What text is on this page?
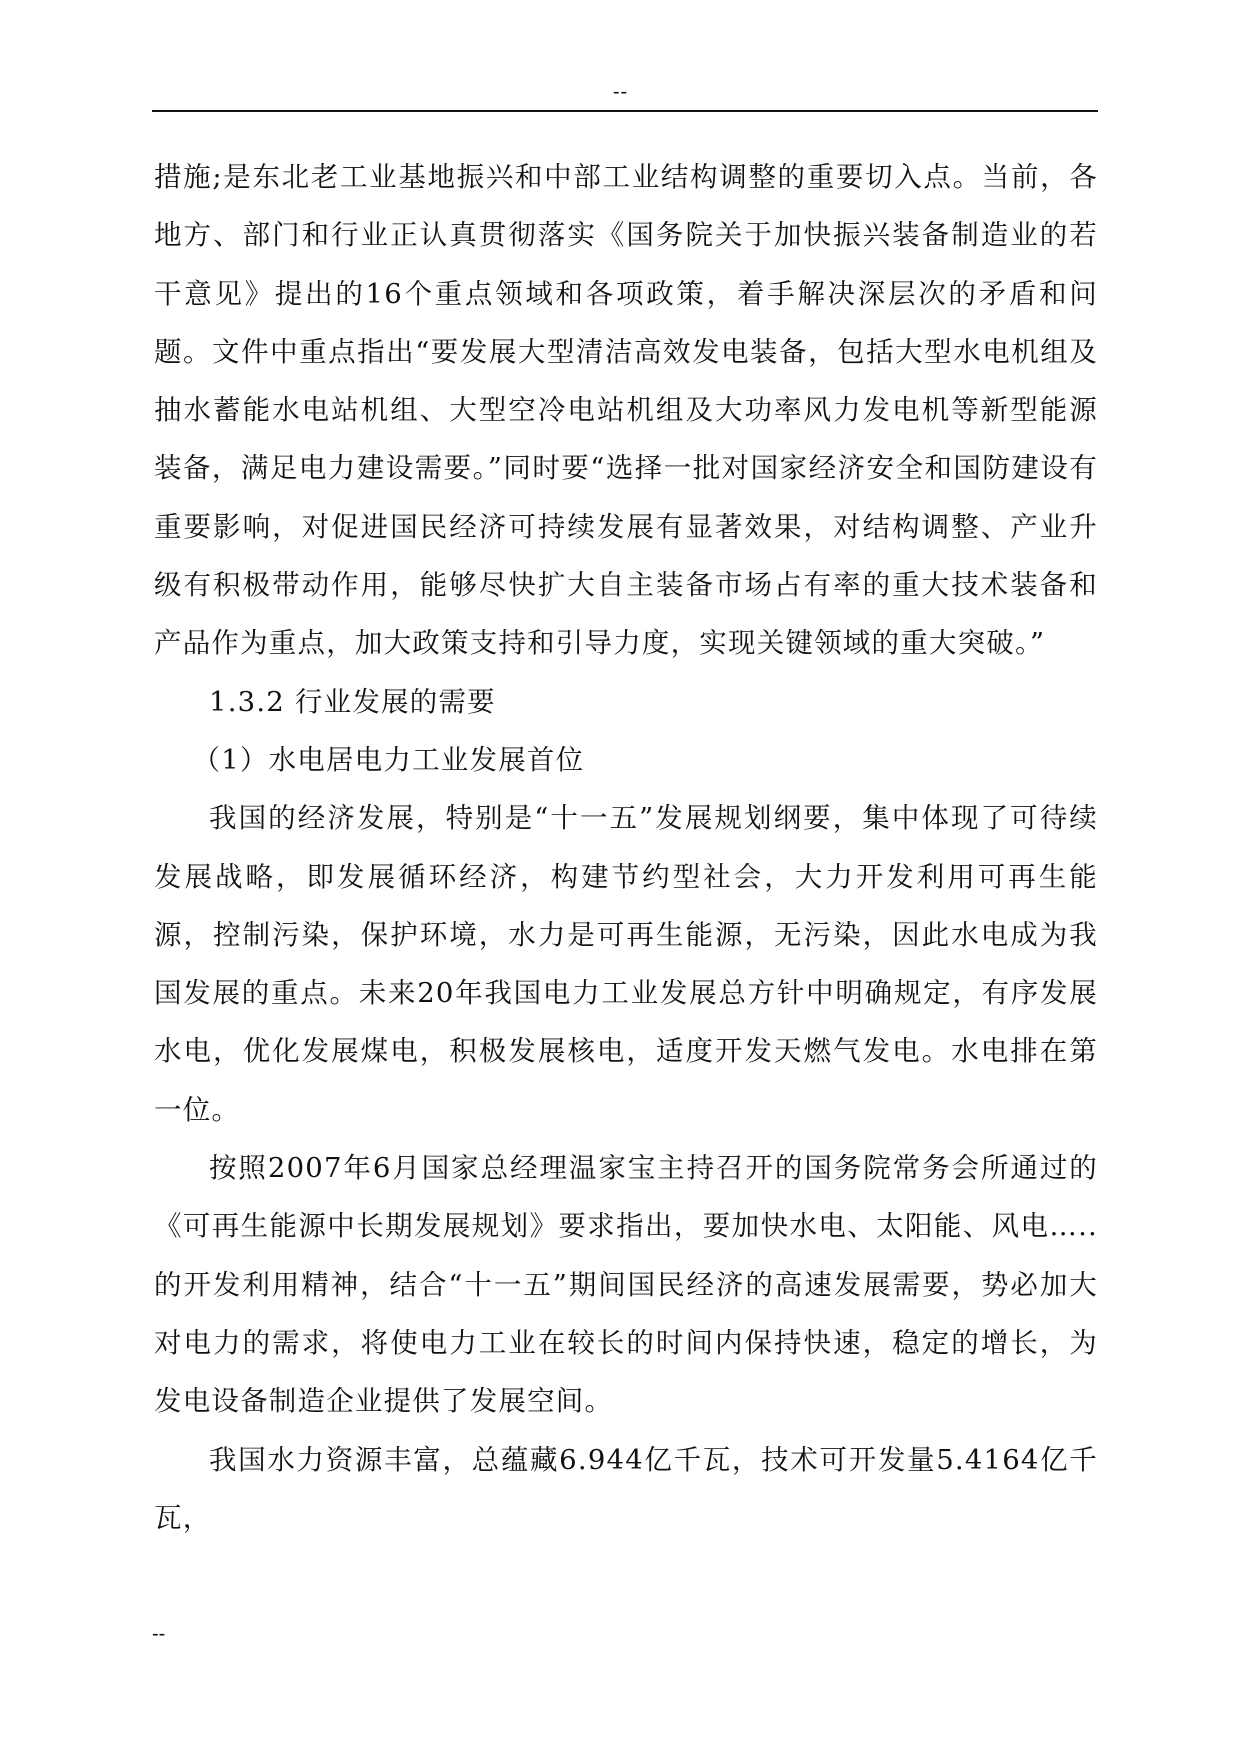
--

措施;是东北老工业基地振兴和中部工业结构调整的重要切入点。当前，各地方、部门和行业正认真贯彻落实《国务院关于加快振兴装备制造业的若干意见》提出的16个重点领域和各项政策，着手解决深层次的矛盾和问题。文件中重点指出“要发展大型清洁高效发电装备，包括大型水电机组及抽水蓄能水电站机组、大型空冷电站机组及大功率风力发电机等新型能源装备，满足电力建设需要。”同时要“选择一批对国家经济安全和国防建设有重要影响，对促进国民经济可持续发展有显著效果，对结构调整、产业升级有积极带动作用，能够尽快扩大自主装备市场占有率的重大技术装备和产品作为重点，加大政策支持和引导力度，实现关键领域的重大突破。”

1.3.2 行业发展的需要

（1）水电居电力工业发展首位

我国的经济发展，特别是“十一五”发展规划纲要，集中体现了可待续发展战略，即发展循环经济，构建节约型社会，大力开发利用可再生能源，控制污染，保护环境，水力是可再生能源，无污染，因此水电成为我国发展的重点。未来20年我国电力工业发展总方针中明确规定，有序发展水电，优化发展煤电，积极发展核电，适度开发天燃气发电。水电排在第一位。

按照2007年6月国家总经理温家宝主持召开的国务院常务会所通过的《可再生能源中长期发展规划》要求指出，要加快水电、太阳能、风电…..的开发利用精神，结合“十一五”期间国民经济的高速发展需要，势必加大对电力的需求，将使电力工业在较长的时间内保持快速，稳定的增长，为发电设备制造企业提供了发展空间。

我国水力资源丰富，总蕴藏6.944亿千瓦，技术可开发量5.4164亿千瓦，

--
